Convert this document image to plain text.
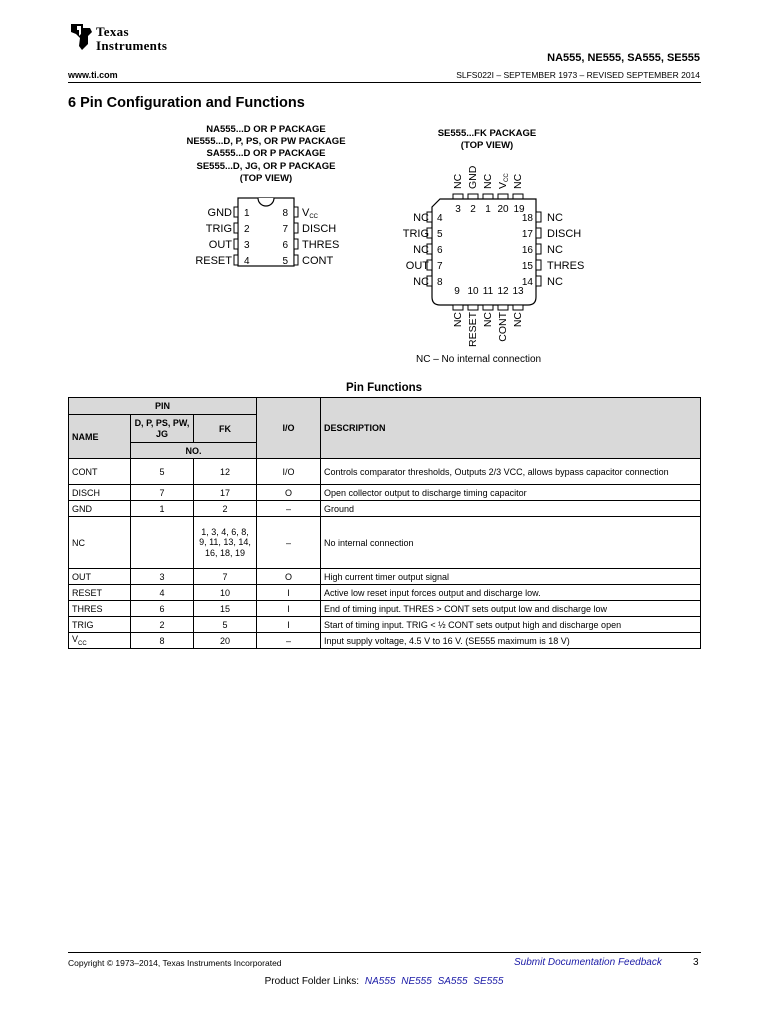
Texas
Instruments
NA555, NE555, SA555, SE555
www.ti.com	SLFS022I – SEPTEMBER 1973 – REVISED SEPTEMBER 2014
6 Pin Configuration and Functions
NA555...D OR P PACKAGE
NE555...D, P, PS, OR PW PACKAGE
SA555...D OR P PACKAGE
SE555...D, JG, OR P PACKAGE
(TOP VIEW)
GND
TRIG
OUT
RESET
1
2
3
4
8
7
6
5
VCC
DISCH
THRES
CONT
SE555...FK PACKAGE
(TOP VIEW)
NC GND NC VCC NC
3 2 1 20 19
NC
TRIG
NC
OUT
NC
4
5
6
7
8
18
17
16
15
14
NC
DISCH
NC
THRES
NC
9 10 11 12 13
NC RESET NC CONT NC
NC – No internal connection
Pin Functions
PIN			I/O	DESCRIPTION
NAME	D, P, PS, PW, JG	FK		
	NO.			
CONT	5	12	I/O	Controls comparator thresholds, Outputs 2/3 VCC, allows bypass capacitor connection
DISCH	7	17	O	Open collector output to discharge timing capacitor
GND	1	2	–	Ground
NC		1, 3, 4, 6, 8, 9, 11, 13, 14, 16, 18, 19	–	No internal connection
OUT	3	7	O	High current timer output signal
RESET	4	10	I	Active low reset input forces output and discharge low.
THRES	6	15	I	End of timing input. THRES > CONT sets output low and discharge low
TRIG	2	5	I	Start of timing input. TRIG < ½ CONT sets output high and discharge open
$V_{CC}$	8	20	–	Input supply voltage, 4.5 V to 16 V. (SE555 maximum is 18 V)
Copyright © 1973–2014, Texas Instruments Incorporated	Submit Documentation Feedback	3
Product Folder Links: NA555 NE555 SA555 SE555
